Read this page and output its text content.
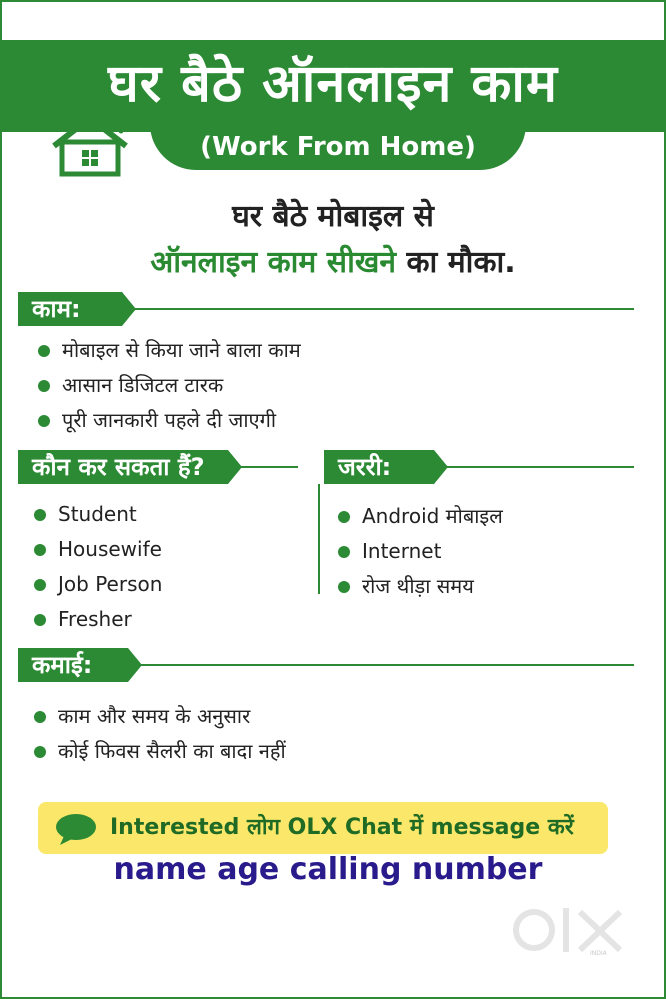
घर बैठे ऑनलाइन काम
(Work From Home)
घर बैठे मोबाइल से
ऑनलाइन काम सीखने का मौका.
काम:
मोबाइल से किया जाने बाला काम
आसान डिजिटल टारक
पूरी जानकारी पहले दी जाएगी
कौन कर सकता हैं?
Student
Housewife
Job Person
Fresher
जररी:
Android मोबाइल
Internet
रोज थीड़ा समय
कमाई:
काम और समय के अनुसार
कोई फिवस सैलरी का बादा नहीं
Interested लोग OLX Chat में message करें
name age calling number
INDIA
